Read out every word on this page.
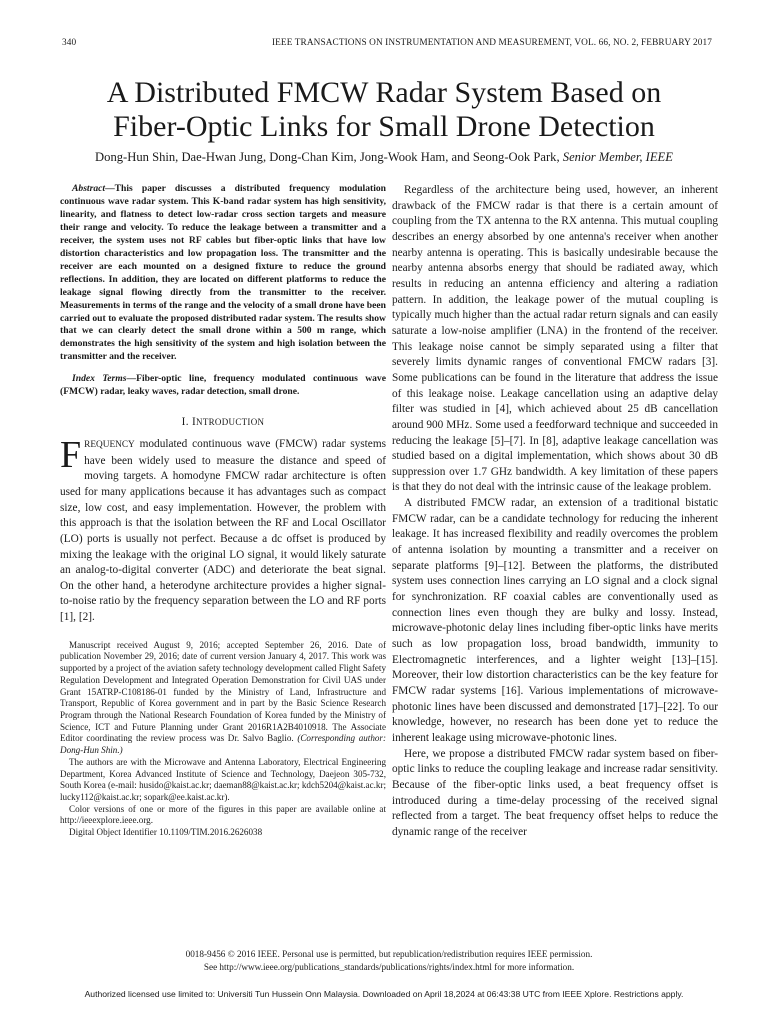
340	IEEE TRANSACTIONS ON INSTRUMENTATION AND MEASUREMENT, VOL. 66, NO. 2, FEBRUARY 2017
A Distributed FMCW Radar System Based on
Fiber-Optic Links for Small Drone Detection
Dong-Hun Shin, Dae-Hwan Jung, Dong-Chan Kim, Jong-Wook Ham, and Seong-Ook Park, Senior Member, IEEE

Abstract—This paper discusses a distributed frequency modulation continuous wave radar system. This K-band radar system has high sensitivity, linearity, and flatness to detect low-radar cross section targets and measure their range and velocity. To reduce the leakage between a transmitter and a receiver, the system uses not RF cables but fiber-optic links that have low distortion characteristics and low propagation loss. The transmitter and the receiver are each mounted on a designed fixture to reduce the ground reflections. In addition, they are located on different platforms to reduce the leakage signal flowing directly from the transmitter to the receiver. Measurements in terms of the range and the velocity of a small drone have been carried out to evaluate the proposed distributed radar system. The results show that we can clearly detect the small drone within a 500 m range, which demonstrates the high sensitivity of the system and high isolation between the transmitter and the receiver.

Index Terms—Fiber-optic line, frequency modulated continuous wave (FMCW) radar, leaky waves, radar detection, small drone.

I. INTRODUCTION

FREQUENCY modulated continuous wave (FMCW) radar systems have been widely used to measure the distance and speed of moving targets. A homodyne FMCW radar architecture is often used for many applications because it has advantages such as compact size, low cost, and easy implementation. However, the problem with this approach is that the isolation between the RF and Local Oscillator (LO) ports is usually not perfect. Because a dc offset is produced by mixing the leakage with the original LO signal, it would likely saturate an analog-to-digital converter (ADC) and deteriorate the beat signal. On the other hand, a heterodyne architecture provides a higher signal-to-noise ratio by the frequency separation between the LO and RF ports [1], [2].

Manuscript received August 9, 2016; accepted September 26, 2016. Date of publication November 29, 2016; date of current version January 4, 2017. This work was supported by a project of the aviation safety technology development called Flight Safety Regulation Development and Integrated Operation Demonstration for Civil UAS under Grant 15ATRP-C108186-01 funded by the Ministry of Land, Infrastructure and Transport, Republic of Korea government and in part by the Basic Science Research Program through the National Research Foundation of Korea funded by the Ministry of Science, ICT and Future Planning under Grant 2016R1A2B4010918. The Associate Editor coordinating the review process was Dr. Salvo Baglio. (Corresponding author: Dong-Hun Shin.)

The authors are with the Microwave and Antenna Laboratory, Electrical Engineering Department, Korea Advanced Institute of Science and Technology, Daejeon 305-732, South Korea (e-mail: husido@kaist.ac.kr; daeman88@kaist.ac.kr; kdch5204@kaist.ac.kr; lucky112@kaist.ac.kr; sopark@ee.kaist.ac.kr).

Color versions of one or more of the figures in this paper are available online at http://ieeexplore.ieee.org.

Digital Object Identifier 10.1109/TIM.2016.2626038

Regardless of the architecture being used, however, an inherent drawback of the FMCW radar is that there is a certain amount of coupling from the TX antenna to the RX antenna. This mutual coupling describes an energy absorbed by one antenna's receiver when another nearby antenna is operating. This is basically undesirable because the nearby antenna absorbs energy that should be radiated away, which results in reducing an antenna efficiency and altering a radiation pattern. In addition, the leakage power of the mutual coupling is typically much higher than the actual radar return signals and can easily saturate a low-noise amplifier (LNA) in the frontend of the receiver. This leakage noise cannot be simply separated using a filter that severely limits dynamic ranges of conventional FMCW radars [3]. Some publications can be found in the literature that address the issue of this leakage noise. Leakage cancellation using an adaptive delay filter was studied in [4], which achieved about 25 dB cancellation around 900 MHz. Some used a feedforward technique and succeeded in reducing the leakage [5]–[7]. In [8], adaptive leakage cancellation was studied based on a digital implementation, which shows about 30 dB suppression over 1.7 GHz bandwidth. A key limitation of these papers is that they do not deal with the intrinsic cause of the leakage problem.

A distributed FMCW radar, an extension of a traditional bistatic FMCW radar, can be a candidate technology for reducing the inherent leakage. It has increased flexibility and readily overcomes the problem of antenna isolation by mounting a transmitter and a receiver on separate platforms [9]–[12]. Between the platforms, the distributed system uses connection lines carrying an LO signal and a clock signal for synchronization. RF coaxial cables are conventionally used as connection lines even though they are bulky and lossy. Instead, microwave-photonic delay lines including fiber-optic links have merits such as low propagation loss, broad bandwidth, immunity to Electromagnetic interferences, and a lighter weight [13]–[15]. Moreover, their low distortion characteristics can be the key feature for FMCW radar systems [16]. Various implementations of microwave-photonic lines have been discussed and demonstrated [17]–[22]. To our knowledge, however, no research has been done yet to reduce the inherent leakage using microwave-photonic lines.

Here, we propose a distributed FMCW radar system based on fiber-optic links to reduce the coupling leakage and increase radar sensitivity. Because of the fiber-optic links used, a beat frequency offset is introduced during a time-delay processing of the received signal reflected from a target. The beat frequency offset helps to reduce the dynamic range of the receiver

0018-9456 © 2016 IEEE. Personal use is permitted, but republication/redistribution requires IEEE permission.
See http://www.ieee.org/publications_standards/publications/rights/index.html for more information.
Authorized licensed use limited to: Universiti Tun Hussein Onn Malaysia. Downloaded on April 18,2024 at 06:43:38 UTC from IEEE Xplore. Restrictions apply.
